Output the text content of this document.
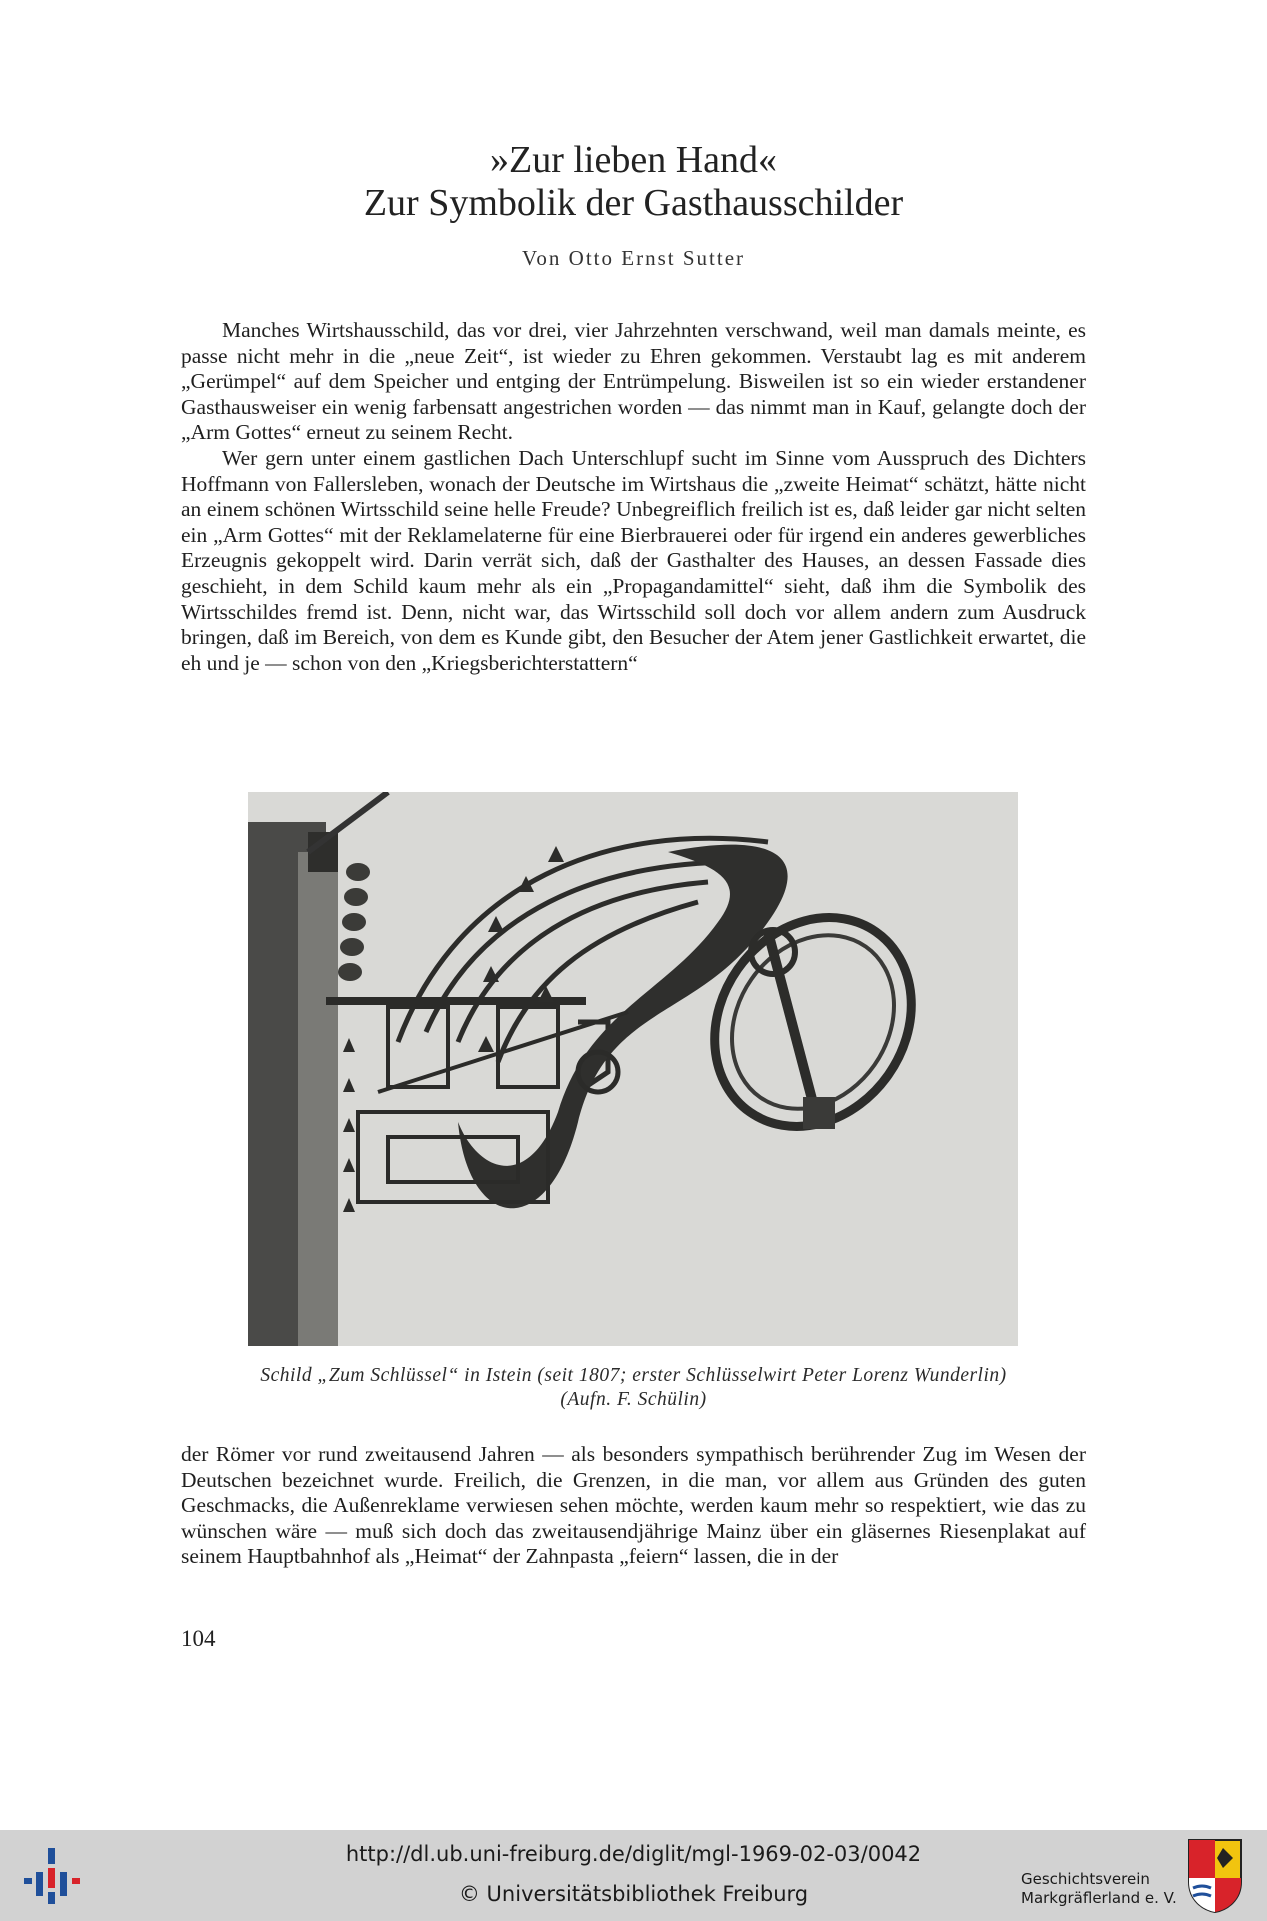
»Zur lieben Hand«
Zur Symbolik der Gasthausschilder
Von Otto Ernst Sutter

Manches Wirtshausschild, das vor drei, vier Jahrzehnten verschwand, weil man damals meinte, es passe nicht mehr in die „neue Zeit“, ist wieder zu Ehren gekommen. Verstaubt lag es mit anderem „Gerümpel“ auf dem Speicher und entging der Entrümpelung. Bisweilen ist so ein wieder erstandener Gasthausweiser ein wenig farbensatt angestrichen worden — das nimmt man in Kauf, gelangte doch der „Arm Gottes“ erneut zu seinem Recht.

Wer gern unter einem gastlichen Dach Unterschlupf sucht im Sinne vom Ausspruch des Dichters Hoffmann von Fallersleben, wonach der Deutsche im Wirtshaus die „zweite Heimat“ schätzt, hätte nicht an einem schönen Wirtsschild seine helle Freude? Unbegreiflich freilich ist es, daß leider gar nicht selten ein „Arm Gottes“ mit der Reklamelaterne für eine Bierbrauerei oder für irgend ein anderes gewerbliches Erzeugnis gekoppelt wird. Darin verrät sich, daß der Gasthalter des Hauses, an dessen Fassade dies geschieht, in dem Schild kaum mehr als ein „Propagandamittel“ sieht, daß ihm die Symbolik des Wirtsschildes fremd ist. Denn, nicht war, das Wirtsschild soll doch vor allem andern zum Ausdruck bringen, daß im Bereich, von dem es Kunde gibt, den Besucher der Atem jener Gastlichkeit erwartet, die eh und je — schon von den „Kriegsberichterstattern“

Schild „Zum Schlüssel“ in Istein (seit 1807; erster Schlüsselwirt Peter Lorenz Wunderlin)
(Aufn. F. Schülin)

der Römer vor rund zweitausend Jahren — als besonders sympathisch berührender Zug im Wesen der Deutschen bezeichnet wurde. Freilich, die Grenzen, in die man, vor allem aus Gründen des guten Geschmacks, die Außenreklame verwiesen sehen möchte, werden kaum mehr so respektiert, wie das zu wünschen wäre — muß sich doch das zweitausendjährige Mainz über ein gläsernes Riesenplakat auf seinem Hauptbahnhof als „Heimat“ der Zahnpasta „feiern“ lassen, die in der

104
http://dl.ub.uni-freiburg.de/diglit/mgl-1969-02-03/0042
© Universitätsbibliothek Freiburg
Geschichtsverein
Markgräflerland e. V.
